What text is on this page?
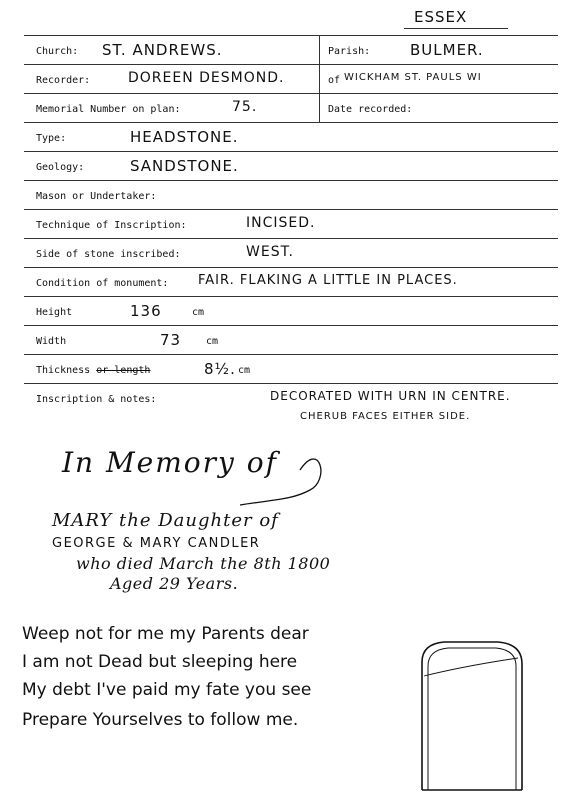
ESSEX
Church: ST. ANDREWS.	Parish:	BULMER.
Recorder:	DOREEN DESMOND.	of WICKHAM ST. PAULS WI
Memorial Number on plan:	75.	Date recorded:
Type:	HEADSTONE.
Geology:	SANDSTONE.
Mason or Undertaker:
Technique of Inscription:	INCISED.
Side of stone inscribed:	WEST.
Condition of monument: FAIR. FLAKING A LITTLE IN PLACES.
Height	136	cm
Width	73 cm
Thickness or length	8½. cm
Inscription & notes:	DECORATED WITH URN IN CENTRE.
CHERUB FACES EITHER SIDE.
In Memory of
MARY the Daughter of
GEORGE & MARY CANDLER
who died March the 8th 1800
Aged 29 Years.
Weep not for me my Parents dear
I am not Dead but sleeping here
My debt I've paid my fate you see
Prepare Yourselves to follow me.
